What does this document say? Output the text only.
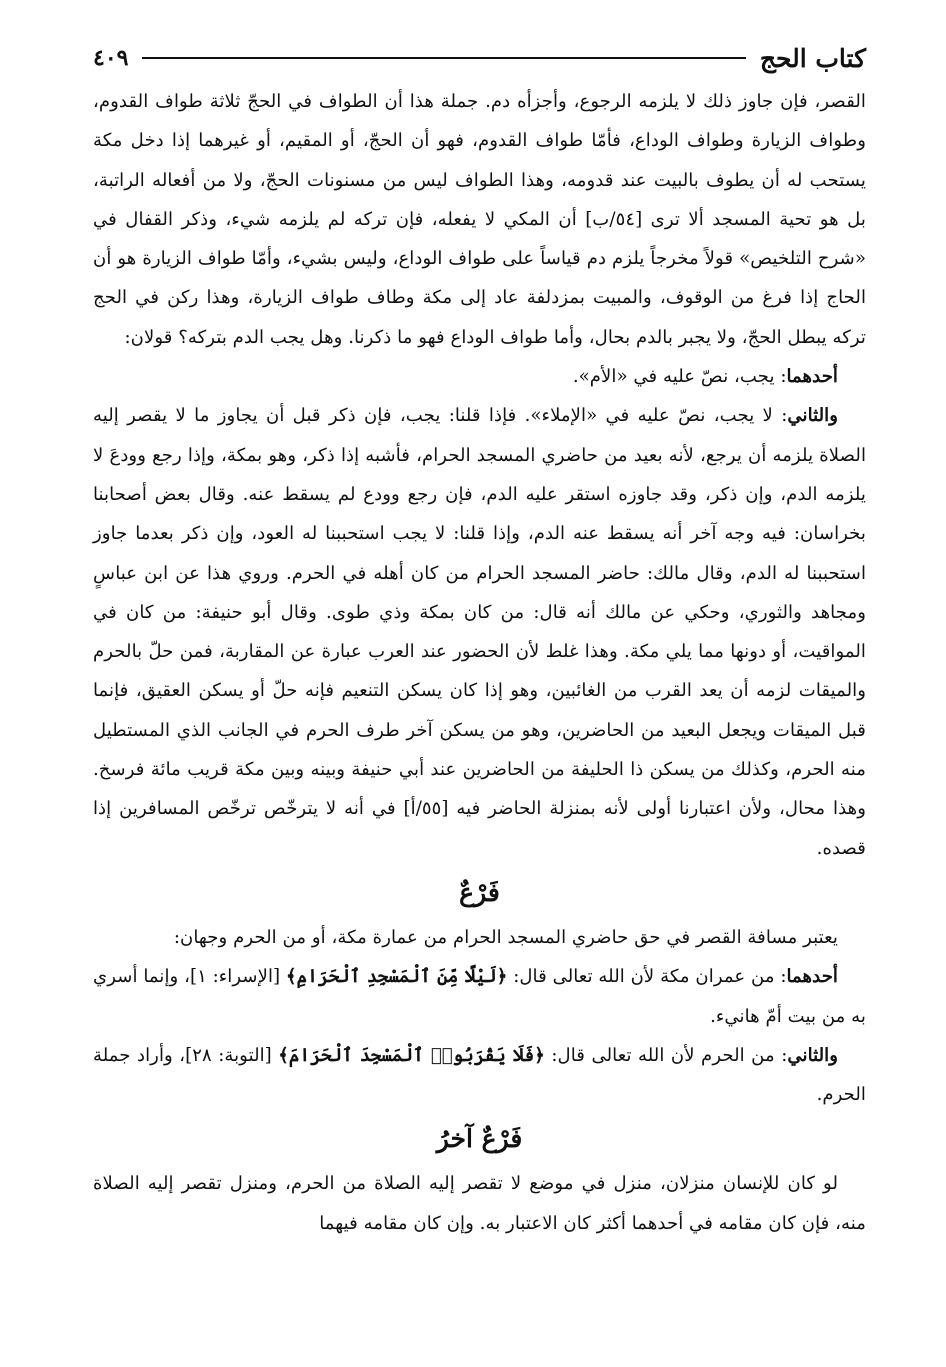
كتاب الحج
٤٠٩

القصر، فإن جاوز ذلك لا يلزمه الرجوع، وأجزأه دم. جملة هذا أن الطواف في الحجّ ثلاثة طواف القدوم، وطواف الزيارة وطواف الوداع، فأمّا طواف القدوم، فهو أن الحجّ، أو المقيم، أو غيرهما إذا دخل مكة يستحب له أن يطوف بالبيت عند قدومه، وهذا الطواف ليس من مسنونات الحجّ، ولا من أفعاله الراتبة، بل هو تحية المسجد ألا ترى [٥٤/ب] أن المكي لا يفعله، فإن تركه لم يلزمه شيء، وذكر القفال في «شرح التلخيص» قولاً مخرجاً يلزم دم قياساً على طواف الوداع، وليس بشيء، وأمّا طواف الزيارة هو أن الحاج إذا فرغ من الوقوف، والمبيت بمزدلفة عاد إلى مكة وطاف طواف الزيارة، وهذا ركن في الحج تركه يبطل الحجّ، ولا يجبر بالدم بحال، وأما طواف الوداع فهو ما ذكرنا. وهل يجب الدم بتركه؟ قولان:

أحدهما: يجب، نصّ عليه في «الأم».

والثاني: لا يجب، نصّ عليه في «الإملاء». فإذا قلنا: يجب، فإن ذكر قبل أن يجاوز ما لا يقصر إليه الصلاة يلزمه أن يرجع، لأنه بعيد من حاضري المسجد الحرام، فأشبه إذا ذكر، وهو بمكة، وإذا رجع وودعَ لا يلزمه الدم، وإن ذكر، وقد جاوزه استقر عليه الدم، فإن رجع وودع لم يسقط عنه. وقال بعض أصحابنا بخراسان: فيه وجه آخر أنه يسقط عنه الدم، وإذا قلنا: لا يجب استحببنا له العود، وإن ذكر بعدما جاوز استحببنا له الدم، وقال مالك: حاضر المسجد الحرام من كان أهله في الحرم. وروي هذا عن ابن عباسٍ ومجاهد والثوري، وحكي عن مالك أنه قال: من كان بمكة وذي طوى. وقال أبو حنيفة: من كان في المواقيت، أو دونها مما يلي مكة. وهذا غلط لأن الحضور عند العرب عبارة عن المقاربة، فمن حلّ بالحرم والميقات لزمه أن يعد القرب من الغائبين، وهو إذا كان يسكن التنعيم فإنه حلّ أو يسكن العقيق، فإنما قبل الميقات ويجعل البعيد من الحاضرين، وهو من يسكن آخر طرف الحرم في الجانب الذي المستطيل منه الحرم، وكذلك من يسكن ذا الحليفة من الحاضرين عند أبي حنيفة وبينه وبين مكة قريب مائة فرسخ. وهذا محال، ولأن اعتبارنا أولى لأنه بمنزلة الحاضر فيه [٥٥/أ] في أنه لا يترخّص ترخّص المسافرين إذا قصده.

فَرْعٌ

يعتبر مسافة القصر في حق حاضري المسجد الحرام من عمارة مكة، أو من الحرم وجهان:

أحدهما: من عمران مكة لأن الله تعالى قال: ﴿لَيْلًا مِّنَ ٱلْمَسْجِدِ ٱلْحَرَامِ﴾ [الإسراء: ١]، وإنما أسري به من بيت أمّ هانيء.

والثاني: من الحرم لأن الله تعالى قال: ﴿فَلَا يَقْرَبُوا۟ ٱلْمَسْجِدَ ٱلْحَرَامَ﴾ [التوبة: ٢٨]، وأراد جملة الحرم.

فَرْعٌ آخرُ

لو كان للإنسان منزلان، منزل في موضع لا تقصر إليه الصلاة من الحرم، ومنزل تقصر إليه الصلاة منه، فإن كان مقامه في أحدهما أكثر كان الاعتبار به. وإن كان مقامه فيهما
